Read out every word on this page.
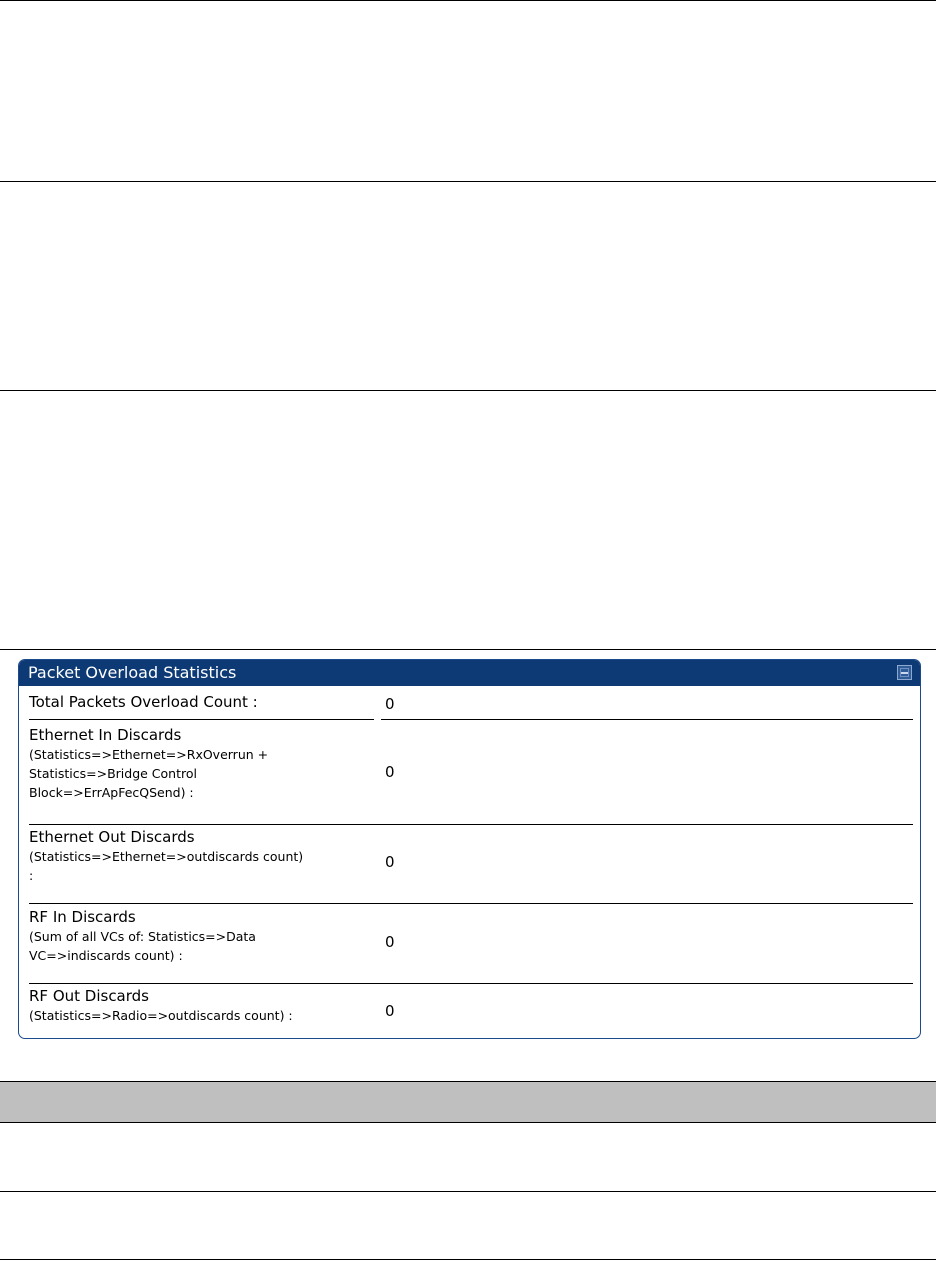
Packet Overload Statistics
Total Packets Overload Count :	0
Ethernet In Discards
(Statistics=>Ethernet=>RxOverrun +
Statistics=>Bridge Control
Block=>ErrApFecQSend) :
0
Ethernet Out Discards
(Statistics=>Ethernet=>outdiscards count)
:
0
RF In Discards
(Sum of all VCs of: Statistics=>Data
VC=>indiscards count) :
0
RF Out Discards
(Statistics=>Radio=>outdiscards count) :	0
